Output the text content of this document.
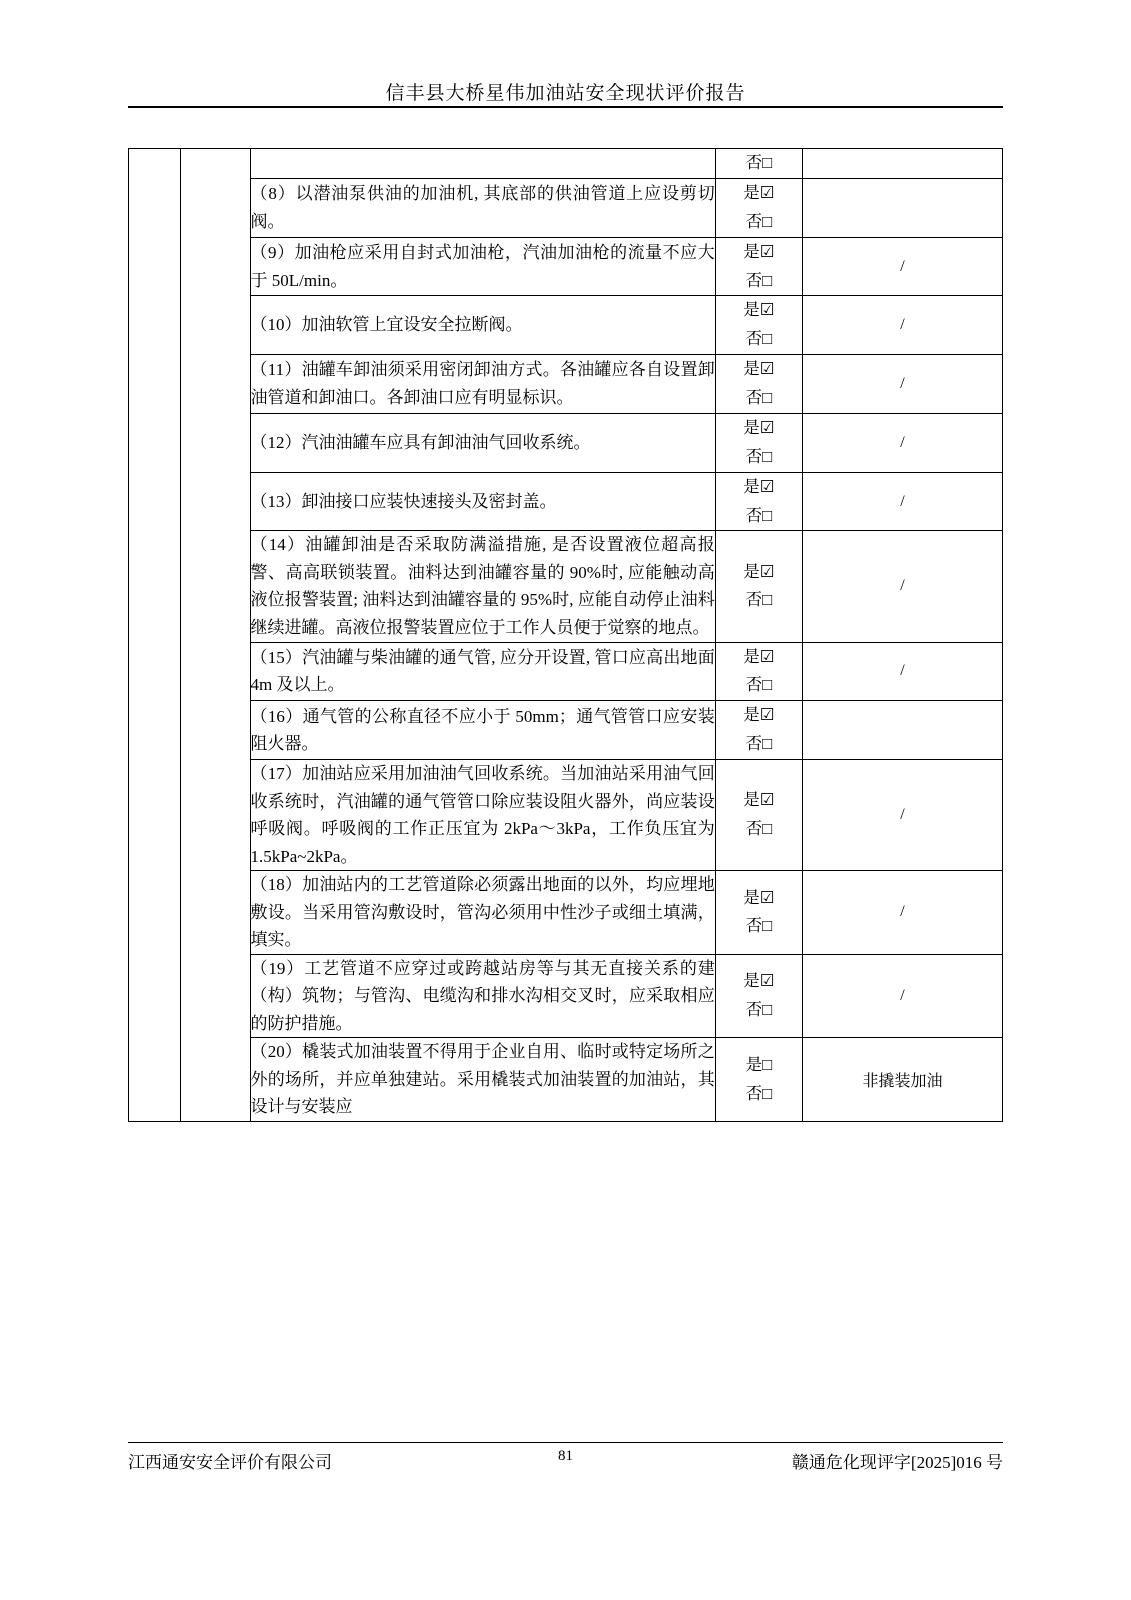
信丰县大桥星伟加油站安全现状评价报告

			否□	

		（8）以潜油泵供油的加油机, 其底部的供油管道上应设剪切阀。	是☑
否□	

		（9）加油枪应采用自封式加油枪，汽油加油枪的流量不应大于 50L/min。	是☑
否□	/
		（10）加油软管上宜设安全拉断阀。	是☑
否□	/
		（11）油罐车卸油须采用密闭卸油方式。各油罐应各自设置卸油管道和卸油口。各卸油口应有明显标识。	是☑
否□	/
		（12）汽油油罐车应具有卸油油气回收系统。	是☑
否□	/
		（13）卸油接口应装快速接头及密封盖。	是☑
否□	/
		（14）油罐卸油是否采取防满溢措施, 是否设置液位超高报警、高高联锁装置。油料达到油罐容量的 90%时, 应能触动高液位报警装置; 油料达到油罐容量的 95%时, 应能自动停止油料继续进罐。高液位报警装置应位于工作人员便于觉察的地点。	是☑
否□	/
		（15）汽油罐与柴油罐的通气管, 应分开设置, 管口应高出地面 4m 及以上。	是☑
否□	/
		（16）通气管的公称直径不应小于 50mm；通气管管口应安装阻火器。	是☑
否□	

		（17）加油站应采用加油油气回收系统。当加油站采用油气回收系统时，汽油罐的通气管管口除应装设阻火器外，尚应装设呼吸阀。呼吸阀的工作正压宜为 2kPa～3kPa，工作负压宜为 1.5kPa~2kPa。	是☑
否□	/
		（18）加油站内的工艺管道除必须露出地面的以外，均应埋地敷设。当采用管沟敷设时，管沟必须用中性沙子或细土填满，填实。	是☑
否□	/
		（19）工艺管道不应穿过或跨越站房等与其无直接关系的建（构）筑物；与管沟、电缆沟和排水沟相交叉时，应采取相应的防护措施。	是☑
否□	/
		（20）橇装式加油装置不得用于企业自用、临时或特定场所之外的场所，并应单独建站。采用橇装式加油装置的加油站，其设计与安装应	是□
否□	非撬装加油
江西通安安全评价有限公司	81	赣通危化现评字[2025]016 号
